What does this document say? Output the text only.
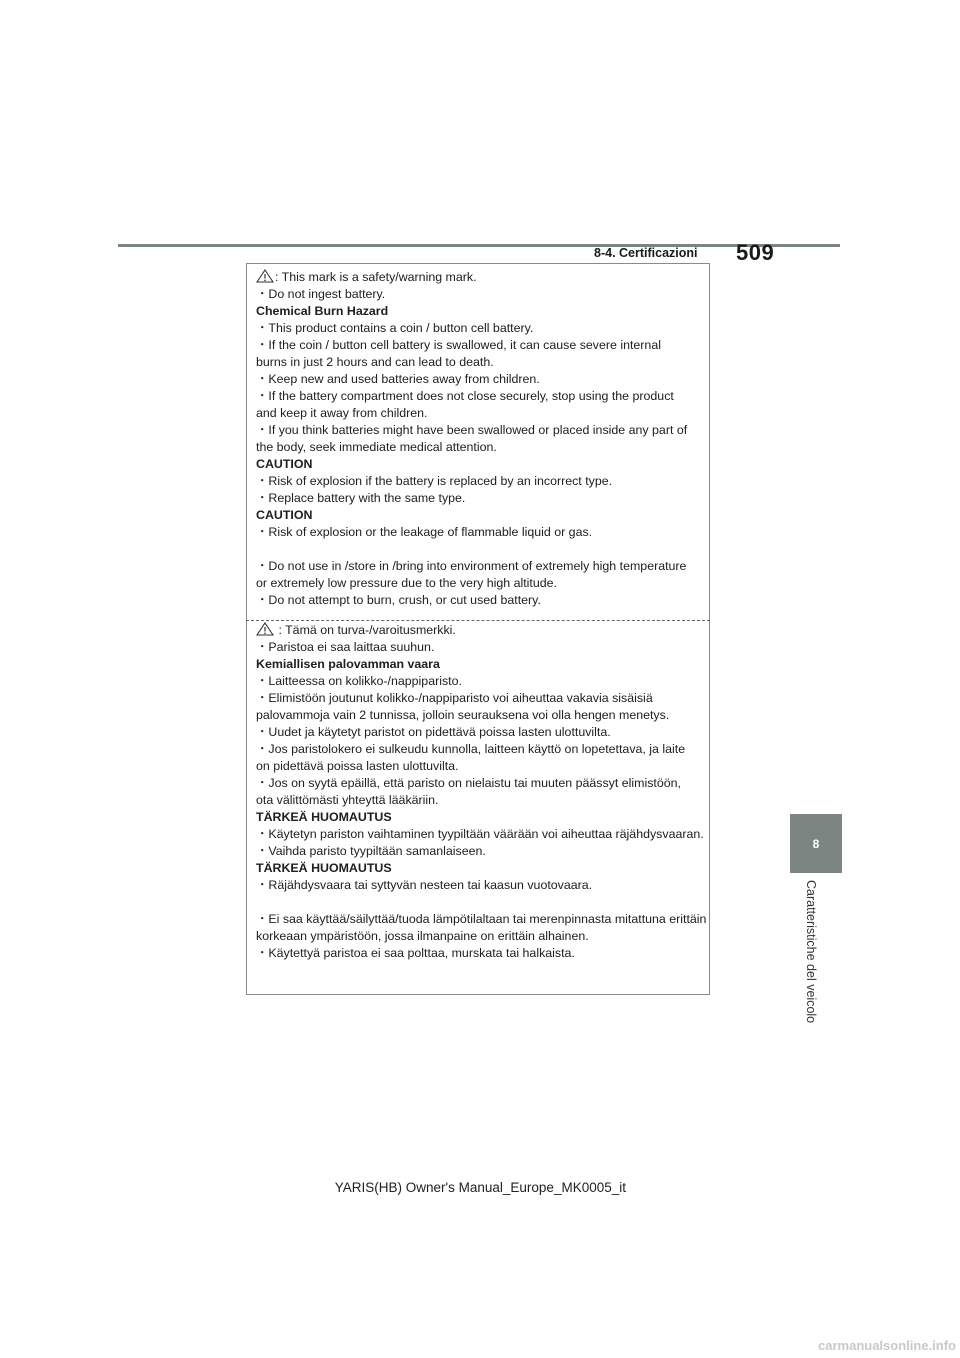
8-4. Certificazioni 509
8
Caratteristiche del veicolo

: This mark is a safety/warning mark.

・Do not ingest battery.

Chemical Burn Hazard

・This product contains a coin / button cell battery.

・If the coin / button cell battery is swallowed, it can cause severe internal

burns in just 2 hours and can lead to death.

・Keep new and used batteries away from children.

・If the battery compartment does not close securely, stop using the product

and keep it away from children.

・If you think batteries might have been swallowed or placed inside any part of

the body, seek immediate medical attention.

CAUTION

・Risk of explosion if the battery is replaced by an incorrect type.

・Replace battery with the same type.

CAUTION

・Risk of explosion or the leakage of flammable liquid or gas.

・Do not use in /store in /bring into environment of extremely high temperature

or extremely low pressure due to the very high altitude.

・Do not attempt to burn, crush, or cut used battery.

: Tämä on turva-/varoitusmerkki.

・Paristoa ei saa laittaa suuhun.

Kemiallisen palovamman vaara

・Laitteessa on kolikko-/nappiparisto.

・Elimistöön joutunut kolikko-/nappiparisto voi aiheuttaa vakavia sisäisiä

palovammoja vain 2 tunnissa, jolloin seurauksena voi olla hengen menetys.

・Uudet ja käytetyt paristot on pidettävä poissa lasten ulottuvilta.

・Jos paristolokero ei sulkeudu kunnolla, laitteen käyttö on lopetettava, ja laite

on pidettävä poissa lasten ulottuvilta.

・Jos on syytä epäillä, että paristo on nielaistu tai muuten päässyt elimistöön,

ota välittömästi yhteyttä lääkäriin.

TÄRKEÄ HUOMAUTUS

・Käytetyn pariston vaihtaminen tyypiltään väärään voi aiheuttaa räjähdysvaaran.

・Vaihda paristo tyypiltään samanlaiseen.

TÄRKEÄ HUOMAUTUS

・Räjähdysvaara tai syttyvän nesteen tai kaasun vuotovaara.

・Ei saa käyttää/säilyttää/tuoda lämpötilaltaan tai merenpinnasta mitattuna erittäin

korkeaan ympäristöön, jossa ilmanpaine on erittäin alhainen.

・Käytettyä paristoa ei saa polttaa, murskata tai halkaista.

YARIS(HB) Owner's Manual_Europe_MK0005_it
carmanualsonline.info
